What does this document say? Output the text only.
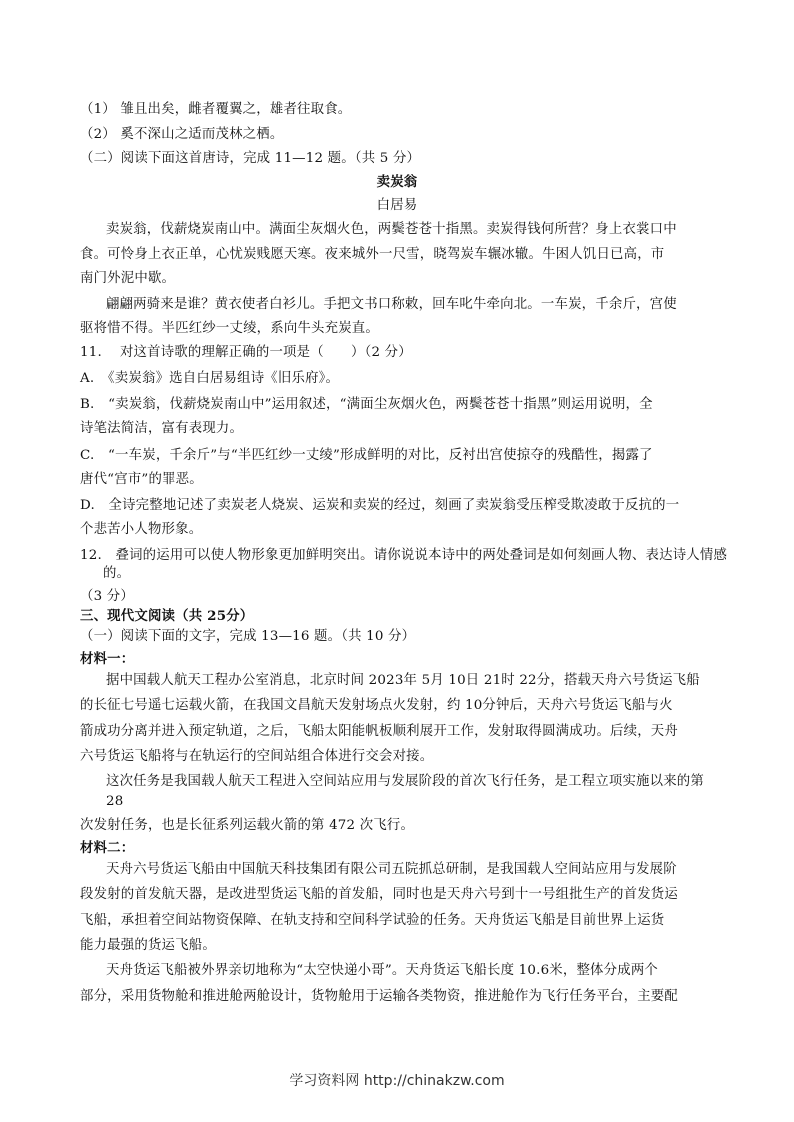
（1） 雏且出矣，雌者覆翼之，雄者往取食。
（2） 奚不深山之适而茂林之栖。
（二）阅读下面这首唐诗，完成 11—12 题。（共 5 分）
卖炭翁
白居易
卖炭翁，伐薪烧炭南山中。满面尘灰烟火色，两鬓苍苍十指黑。卖炭得钱何所营？身上衣裳口中
食。可怜身上衣正单，心忧炭贱愿天寒。夜来城外一尺雪，晓驾炭车辗冰辙。牛困人饥日已高，市
南门外泥中歇。
翩翩两骑来是谁？黄衣使者白衫儿。手把文书口称敕，回车叱牛牵向北。一车炭，千余斤，宫使
驱将惜不得。半匹红纱一丈绫，系向牛头充炭直。
11.　 对这首诗歌的理解正确的一项是（　　）（2 分）
A.　《卖炭翁》选自白居易组诗《旧乐府》。
B.　“卖炭翁，伐薪烧炭南山中”运用叙述，“满面尘灰烟火色，两鬓苍苍十指黑”则运用说明，全
诗笔法简洁，富有表现力。
C.　“一车炭，千余斤”与“半匹红纱一丈绫”形成鲜明的对比，反衬出宫使掠夺的残酷性，揭露了
唐代“宫市”的罪恶。
D.　全诗完整地记述了卖炭老人烧炭、运炭和卖炭的经过，刻画了卖炭翁受压榨受欺凌敢于反抗的一
个悲苦小人物形象。
12.　叠词的运用可以使人物形象更加鲜明突出。请你说说本诗中的两处叠词是如何刻画人物、表达诗人情感
的。
（3 分）
三、现代文阅读（共 25分）
（一）阅读下面的文字，完成 13—16 题。（共 10 分）
材料一：
据中国载人航天工程办公室消息，北京时间 2023年 5月 10日 21时 22分，搭载天舟六号货运飞船
的长征七号遥七运载火箭，在我国文昌航天发射场点火发射，约 10分钟后，天舟六号货运飞船与火
箭成功分离并进入预定轨道，之后，飞船太阳能帆板顺利展开工作，发射取得圆满成功。后续，天舟
六号货运飞船将与在轨运行的空间站组合体进行交会对接。
这次任务是我国载人航天工程进入空间站应用与发展阶段的首次飞行任务，是工程立项实施以来的第
28
次发射任务，也是长征系列运载火箭的第 472 次飞行。
材料二：
天舟六号货运飞船由中国航天科技集团有限公司五院抓总研制，是我国载人空间站应用与发展阶
段发射的首发航天器，是改进型货运飞船的首发船，同时也是天舟六号到十一号组批生产的首发货运
飞船，承担着空间站物资保障、在轨支持和空间科学试验的任务。天舟货运飞船是目前世界上运货
能力最强的货运飞船。
天舟货运飞船被外界亲切地称为“太空快递小哥”。天舟货运飞船长度 10.6米，整体分成两个
部分，采用货物舱和推进舱两舱设计，货物舱用于运输各类物资，推进舱作为飞行任务平台，主要配
学习资料网 http://chinakzw.com
